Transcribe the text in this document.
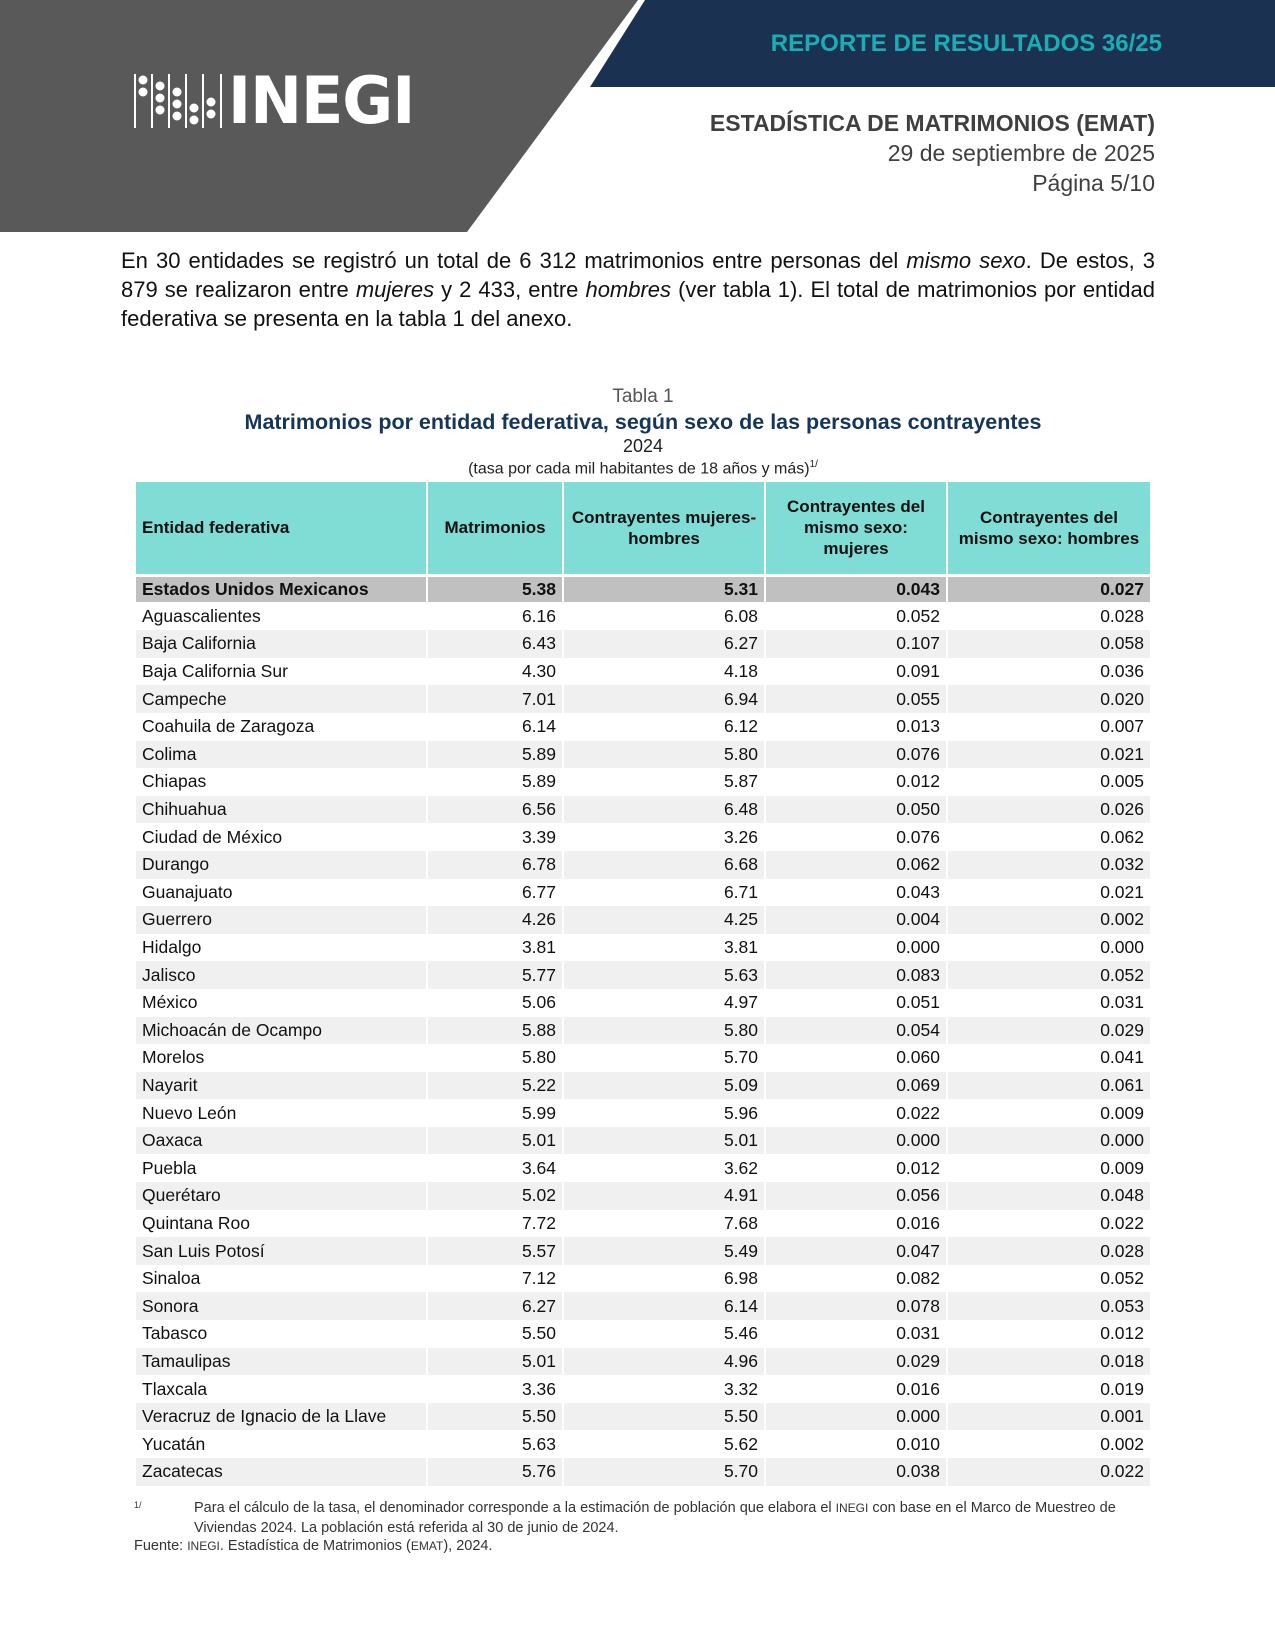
INEGI
REPORTE DE RESULTADOS 36/25
ESTADÍSTICA DE MATRIMONIOS (EMAT)
29 de septiembre de 2025
Página 5/10

En 30 entidades se registró un total de 6 312 matrimonios entre personas del mismo sexo. De estos, 3 879 se realizaron entre mujeres y 2 433, entre hombres (ver tabla 1). El total de matrimonios por entidad federativa se presenta en la tabla 1 del anexo.

Tabla 1
Matrimonios por entidad federativa, según sexo de las personas contrayentes
2024
(tasa por cada mil habitantes de 18 años y más)$^{1/}$
Entidad federativa	Matrimonios	Contrayentes mujeres-hombres	Contrayentes del mismo sexo: mujeres	Contrayentes del mismo sexo: hombres
Estados Unidos Mexicanos	5.38	5.31	0.043	0.027
Aguascalientes	6.16	6.08	0.052	0.028
Baja California	6.43	6.27	0.107	0.058
Baja California Sur	4.30	4.18	0.091	0.036
Campeche	7.01	6.94	0.055	0.020
Coahuila de Zaragoza	6.14	6.12	0.013	0.007
Colima	5.89	5.80	0.076	0.021
Chiapas	5.89	5.87	0.012	0.005
Chihuahua	6.56	6.48	0.050	0.026
Ciudad de México	3.39	3.26	0.076	0.062
Durango	6.78	6.68	0.062	0.032
Guanajuato	6.77	6.71	0.043	0.021
Guerrero	4.26	4.25	0.004	0.002
Hidalgo	3.81	3.81	0.000	0.000
Jalisco	5.77	5.63	0.083	0.052
México	5.06	4.97	0.051	0.031
Michoacán de Ocampo	5.88	5.80	0.054	0.029
Morelos	5.80	5.70	0.060	0.041
Nayarit	5.22	5.09	0.069	0.061
Nuevo León	5.99	5.96	0.022	0.009
Oaxaca	5.01	5.01	0.000	0.000
Puebla	3.64	3.62	0.012	0.009
Querétaro	5.02	4.91	0.056	0.048
Quintana Roo	7.72	7.68	0.016	0.022
San Luis Potosí	5.57	5.49	0.047	0.028
Sinaloa	7.12	6.98	0.082	0.052
Sonora	6.27	6.14	0.078	0.053
Tabasco	5.50	5.46	0.031	0.012
Tamaulipas	5.01	4.96	0.029	0.018
Tlaxcala	3.36	3.32	0.016	0.019
Veracruz de Ignacio de la Llave	5.50	5.50	0.000	0.001
Yucatán	5.63	5.62	0.010	0.002
Zacatecas	5.76	5.70	0.038	0.022
1/	Para el cálculo de la tasa, el denominador corresponde a la estimación de población que elabora el INEGI con base en el Marco de Muestreo de Viviendas 2024. La población está referida al 30 de junio de 2024.
Fuente: INEGI. Estadística de Matrimonios (EMAT), 2024.
